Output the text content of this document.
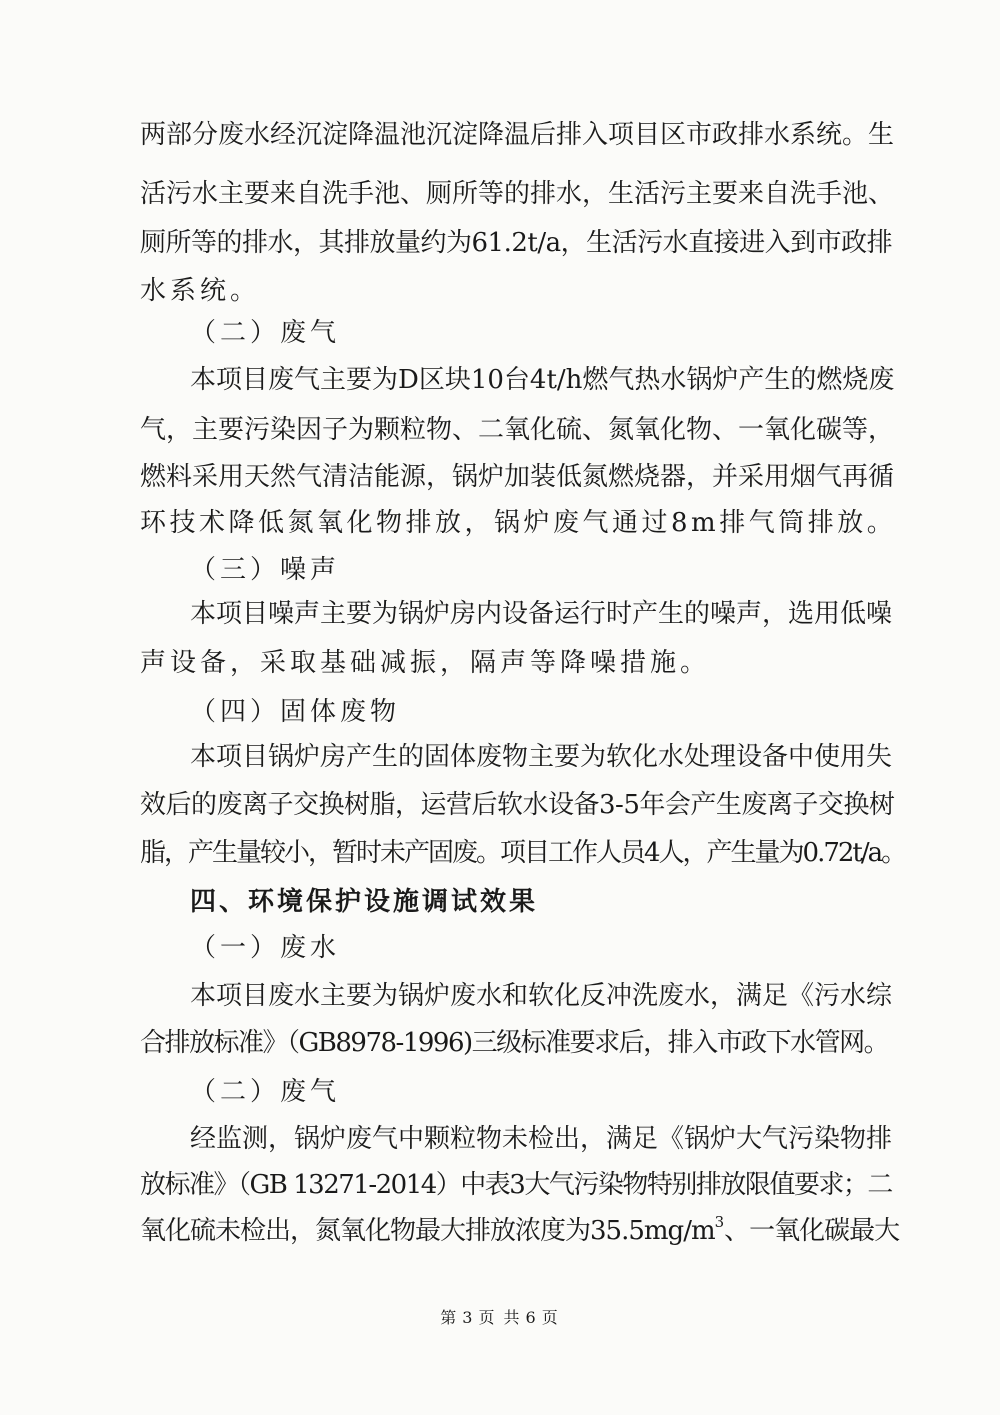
两部分废水经沉淀降温池沉淀降温后排入项目区市政排水系统。生
活污水主要来自洗手池、厕所等的排水，生活污主要来自洗手池、
厕所等的排水，其排放量约为61.2t/a，生活污水直接进入到市政排
水系统。
（二）废气
本项目废气主要为D区块10台4t/h燃气热水锅炉产生的燃烧废
气，主要污染因子为颗粒物、二氧化硫、氮氧化物、一氧化碳等，
燃料采用天然气清洁能源，锅炉加装低氮燃烧器，并采用烟气再循
环技术降低氮氧化物排放，锅炉废气通过8m排气筒排放。
（三）噪声
本项目噪声主要为锅炉房内设备运行时产生的噪声，选用低噪
声设备，采取基础减振，隔声等降噪措施。
（四）固体废物
本项目锅炉房产生的固体废物主要为软化水处理设备中使用失
效后的废离子交换树脂，运营后软水设备3-5年会产生废离子交换树
脂，产生量较小，暂时未产固废。项目工作人员4人，产生量为0.72t/a。
四、环境保护设施调试效果
（一）废水
本项目废水主要为锅炉废水和软化反冲洗废水，满足《污水综
合排放标准》（GB8978-1996)三级标准要求后，排入市政下水管网。
（二）废气
经监测，锅炉废气中颗粒物未检出，满足《锅炉大气污染物排
放标准》（GB 13271-2014）中表3大气污染物特别排放限值要求；二
氧化硫未检出，氮氧化物最大排放浓度为$35.5mg/m^3$、一氧化碳最大
第 3 页 共 6 页
